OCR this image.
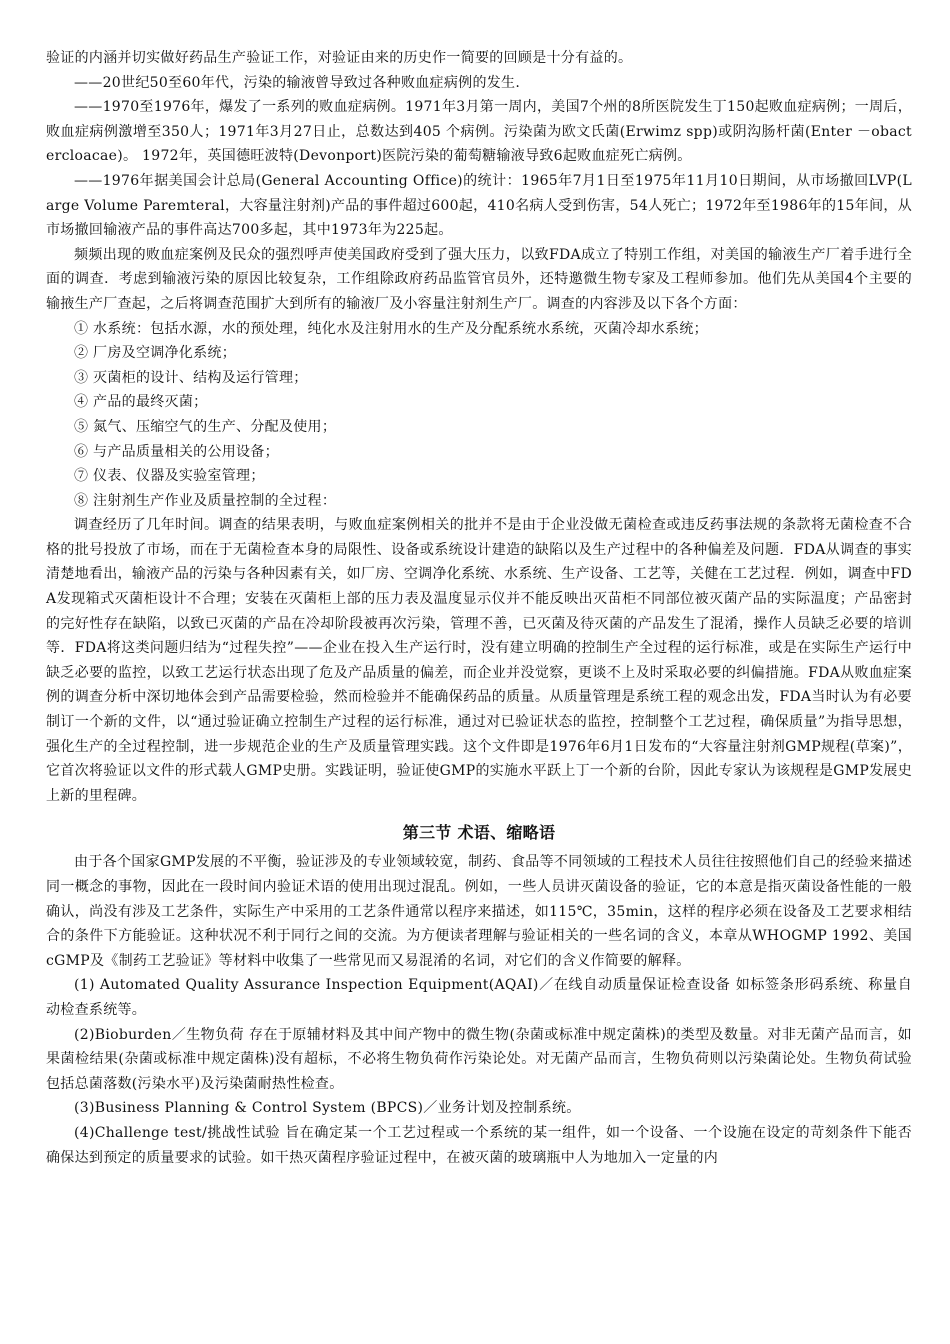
验证的内涵并切实做好药品生产验证工作，对验证由来的历史作一简要的回顾是十分有益的。

——20世纪50至60年代，污染的输液曾导致过各种败血症病例的发生.

——1970至1976年，爆发了一系列的败血症病例。1971年3月第一周内，美国7个州的8所医院发生丁150起败血症病例；一周后，败血症病例激增至350人；1971年3月27日止，总数达到405 个病例。污染菌为欧文氏菌(Erwimz spp)或阴沟肠杆菌(Enter －obactercloacae)。 1972年，英国德旺波特(Devonport)医院污染的葡萄糖输液导致6起败血症死亡病例。

——1976年据美国会计总局(General Accounting Office)的统计：1965年7月1日至1975年11月10日期间，从市场撤回LVP(Large Volume Paremteral，大容量注射剂)产品的事件超过600起，410名病人受到伤害，54人死亡；1972年至1986年的15年间，从市场撤回输液产品的事件高达700多起，其中1973年为225起。

频频出现的败血症案例及民众的强烈呼声使美国政府受到了强大压力，以致FDA成立了特别工作组，对美国的输液生产厂着手进行全面的调查．考虑到输液污染的原因比较复杂，工作组除政府药品监管官员外，还特邀微生物专家及工程师参加。他们先从美国4个主要的输掖生产厂查起，之后将调查范围扩大到所有的输液厂及小容量注射剂生产厂。调查的内容涉及以下各个方面：

① 水系统：包括水源，水的预处理，纯化水及注射用水的生产及分配系统水系统，灭菌冷却水系统；
② 厂房及空调净化系统；
③ 灭菌柜的设计、结构及运行管理；
④ 产品的最终灭菌；
⑤ 氮气、压缩空气的生产、分配及使用；
⑥ 与产品质量相关的公用设备；
⑦ 仪表、仪器及实验室管理；
⑧ 注射剂生产作业及质量控制的全过程：

调查经历了几年时间。调查的结果表明，与败血症案例相关的批并不是由于企业没做无菌检查或违反药事法规的条款将无菌检查不合格的批号投放了市场，而在于无菌检查本身的局限性、设备或系统设计建造的缺陷以及生产过程中的各种偏差及问题．FDA从调查的事实清楚地看出，输液产品的污染与各种因素有关，如厂房、空调净化系统、水系统、生产设备、工艺等，关健在工艺过程．例如，调查中FDA发现箱式灭菌柜设计不合理；安装在灭菌柜上部的压力表及温度显示仪并不能反映出灭苗柜不同部位被灭菌产品的实际温度；产品密封的完好性存在缺陷，以致已灭菌的产品在冷却阶段被再次污染，管理不善，已灭菌及待灭菌的产品发生了混淆，操作人员缺乏必要的培训等．FDA将这类问题归结为“过程失控”——企业在投入生产运行时，没有建立明确的控制生产全过程的运行标准，或是在实际生产运行中缺乏必要的监控，以致工艺运行状态出现了危及产品质量的偏差，而企业并没觉察，更谈不上及时采取必要的纠偏措施。FDA从败血症案例的调查分析中深切地体会到产品需要检验，然而检验并不能确保药品的质量。从质量管理是系统工程的观念出发，FDA当时认为有必要制订一个新的文件，以“通过验证确立控制生产过程的运行标准，通过对已验证状态的监控，控制整个工艺过程，确保质量”为指导思想，强化生产的全过程控制，进一步规范企业的生产及质量管理实践。这个文件即是1976年6月1日发布的“大容量注射剂GMP规程(草案)”，它首次将验证以文件的形式载人GMP史册。实践证明，验证使GMP的实施水平跃上丁一个新的台阶，因此专家认为该规程是GMP发展史上新的里程碑。

第三节 术语、缩略语

由于各个国家GMP发展的不平衡，验证涉及的专业领域较宽，制药、食品等不同领域的工程技术人员往往按照他们自己的经验来描述同一概念的事物，因此在一段时间内验证术语的使用出现过混乱。例如，一些人员讲灭菌设备的验证，它的本意是指灭菌设备性能的一般确认，尚没有涉及工艺条件，实际生产中采用的工艺条件通常以程序来描述，如115℃，35min，这样的程序必须在设备及工艺要求相结合的条件下方能验证。这种状况不利于同行之间的交流。为方便读者理解与验证相关的一些名词的含义，本章从WHOGMP 1992、美国cGMP及《制药工艺验证》等材料中收集了一些常见而又易混淆的名词，对它们的含义作简要的解释。

(1) Automated Quality Assurance Inspection Equipment(AQAI)／在线自动质量保证检查设备 如标签条形码系统、称量自动检查系统等。

(2)Bioburden／生物负荷 存在于原辅材料及其中间产物中的微生物(杂菌或标准中规定菌株)的类型及数量。对非无菌产品而言，如果菌检结果(杂菌或标准中规定菌株)没有超标，不必将生物负荷作污染论处。对无菌产品而言，生物负荷则以污染菌论处。生物负荷试验包括总菌落数(污染水平)及污染菌耐热性检查。

(3)Business Planning & Control System (BPCS)／业务计划及控制系统。

(4)Challenge test/挑战性试验 旨在确定某一个工艺过程或一个系统的某一组件，如一个设备、一个设施在设定的苛刻条件下能否确保达到预定的质量要求的试验。如干热灭菌程序验证过程中，在被灭菌的玻璃瓶中人为地加入一定量的内
